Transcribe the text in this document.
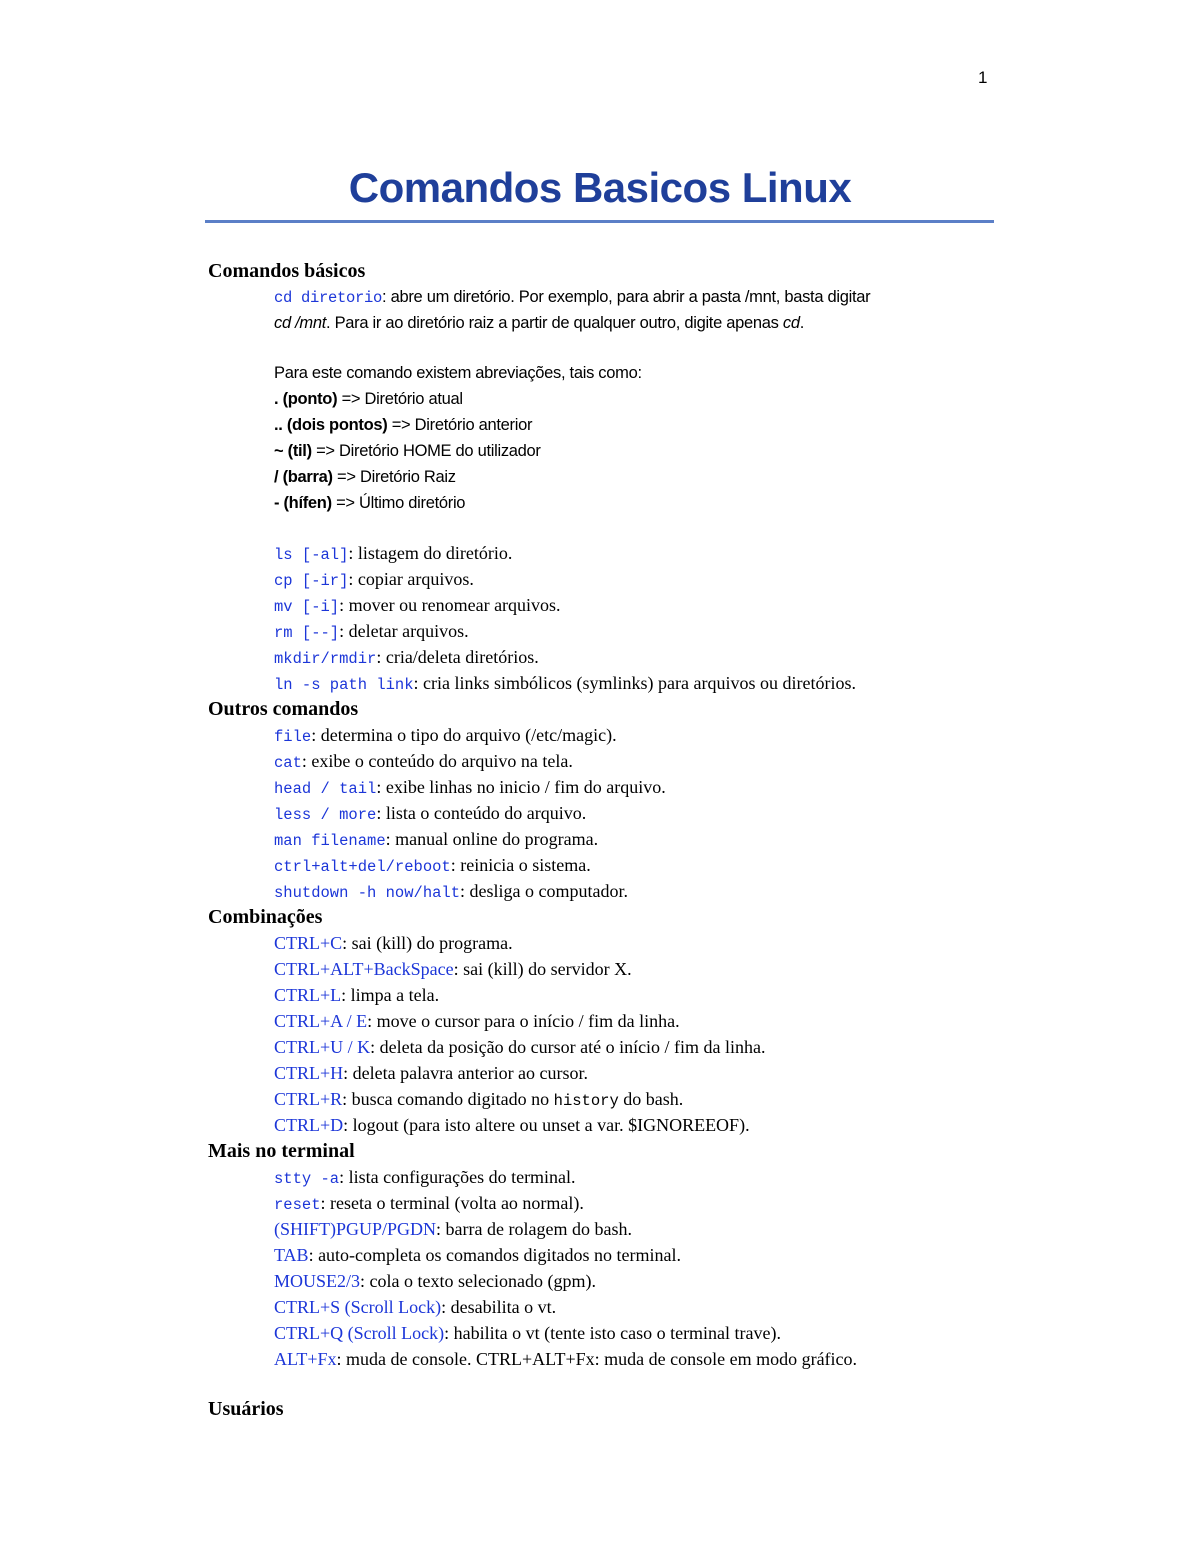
1
Comandos Basicos Linux
Comandos básicos
cd diretorio: abre um diretório. Por exemplo, para abrir a pasta /mnt, basta digitar
cd /mnt. Para ir ao diretório raiz a partir de qualquer outro, digite apenas cd.
Para este comando existem abreviações, tais como:
. (ponto) => Diretório atual
.. (dois pontos) => Diretório anterior
~ (til) => Diretório HOME do utilizador
/ (barra) => Diretório Raiz
- (hífen) => Último diretório
ls [-al]: listagem do diretório.
cp [-ir]: copiar arquivos.
mv [-i]: mover ou renomear arquivos.
rm [--]: deletar arquivos.
mkdir/rmdir: cria/deleta diretórios.
ln -s path link: cria links simbólicos (symlinks) para arquivos ou diretórios.
Outros comandos
file: determina o tipo do arquivo (/etc/magic).
cat: exibe o conteúdo do arquivo na tela.
head / tail: exibe linhas no inicio / fim do arquivo.
less / more: lista o conteúdo do arquivo.
man filename: manual online do programa.
ctrl+alt+del/reboot: reinicia o sistema.
shutdown -h now/halt: desliga o computador.
Combinações
CTRL+C: sai (kill) do programa.
CTRL+ALT+BackSpace: sai (kill) do servidor X.
CTRL+L: limpa a tela.
CTRL+A / E: move o cursor para o início / fim da linha.
CTRL+U / K: deleta da posição do cursor até o início / fim da linha.
CTRL+H: deleta palavra anterior ao cursor.
CTRL+R: busca comando digitado no history do bash.
CTRL+D: logout (para isto altere ou unset a var. $IGNOREEOF).
Mais no terminal
stty -a: lista configurações do terminal.
reset: reseta o terminal (volta ao normal).
(SHIFT)PGUP/PGDN: barra de rolagem do bash.
TAB: auto-completa os comandos digitados no terminal.
MOUSE2/3: cola o texto selecionado (gpm).
CTRL+S (Scroll Lock): desabilita o vt.
CTRL+Q (Scroll Lock): habilita o vt (tente isto caso o terminal trave).
ALT+Fx: muda de console. CTRL+ALT+Fx: muda de console em modo gráfico.
Usuários
